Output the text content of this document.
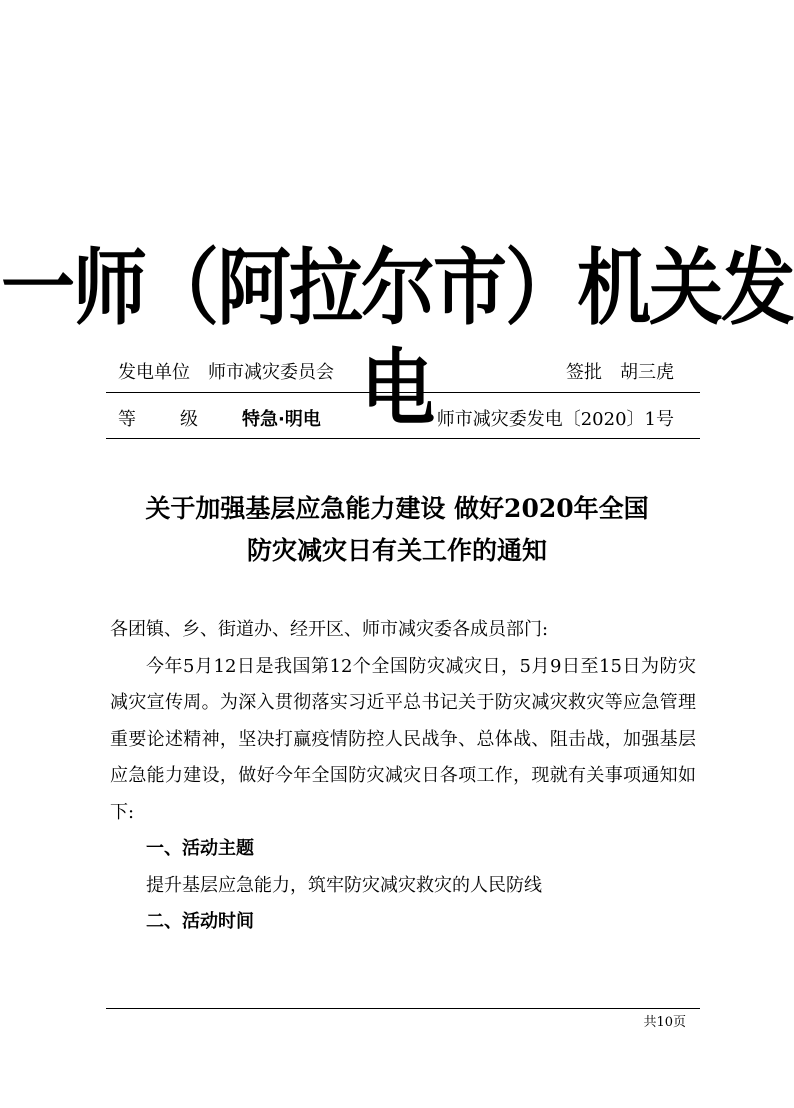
一师（阿拉尔市）机关发电
发电单位 师市减灾委员会	签批 胡三虎
等级特急·明电	师市减灾委发电〔2020〕1号
关于加强基层应急能力建设 做好2020年全国
防灾减灾日有关工作的通知

各团镇、乡、街道办、经开区、师市减灾委各成员部门:

今年5月12日是我国第12个全国防灾减灾日，5月9日至15日为防灾减灾宣传周。为深入贯彻落实习近平总书记关于防灾减灾救灾等应急管理重要论述精神，坚决打赢疫情防控人民战争、总体战、阻击战，加强基层应急能力建设，做好今年全国防灾减灾日各项工作，现就有关事项通知如下:

一、活动主题

提升基层应急能力，筑牢防灾减灾救灾的人民防线

二、活动时间

共10页
